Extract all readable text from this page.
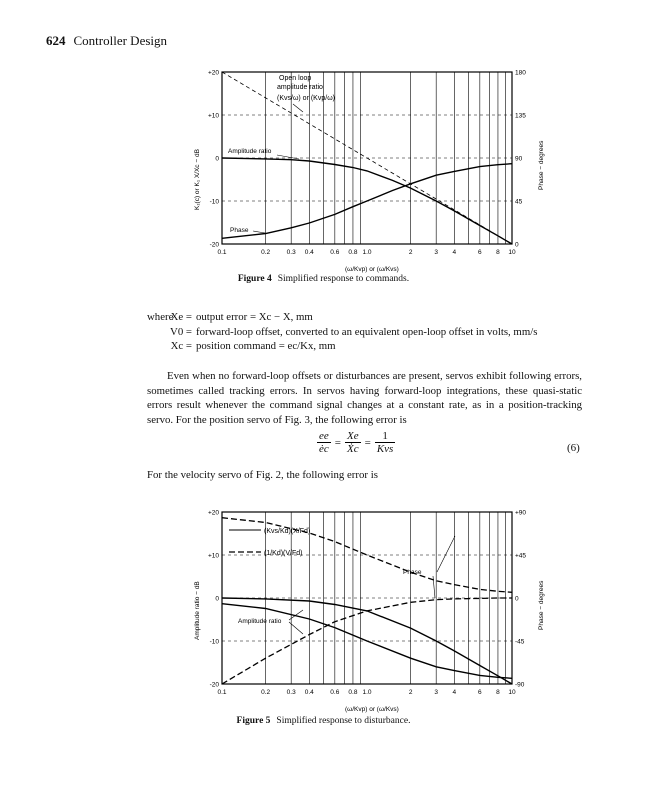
624 Controller Design
0.1	0.2	0.3 0.4	0.6 0.8 1.0	2	3 4	6 8 10
-20
-10
0
+10
+20
0
45
90
135
180
Open loop
amplitude ratio
(Kvs/ω) or (Kvp/ω)
Amplitude ratio
Phase
K₁(c) or K₁ X/Xc − dB	Phase − degrees
(ω/Kvp) or (ω/Kvs)
Figure 4 Simplified response to commands.
where
Xe = output error = Xc − X, mm
V0 = forward-loop offset, converted to an equivalent open-loop offset in volts, mm/s
Xc = position command = ec/Kx, mm
Even when no forward-loop offsets or disturbances are present, servos exhibit following errors, sometimes called tracking errors. In servos having forward-loop integrations, these quasi-static errors result whenever the command signal changes at a constant rate, as in a position-tracking servo. For the position servo of Fig. 3, the following error is
ee	=	Xe	=	1
ėc		Ẋc		Kvs	(6)
For the velocity servo of Fig. 2, the following error is
0.1	0.2	0.3 0.4	0.6 0.8 1.0	2	3 4	6 8 10
-20
-10
0
+10
+20
-90
-45
0
+45
+90
(Kvs/Kd)(X/Fd)
(1/Kd)(V/Fd)
Phase
Amplitude ratio
Amplitude ratio − dB	Phase − degrees
(ω/Kvp) or (ω/Kvs)
Figure 5 Simplified response to disturbance.
